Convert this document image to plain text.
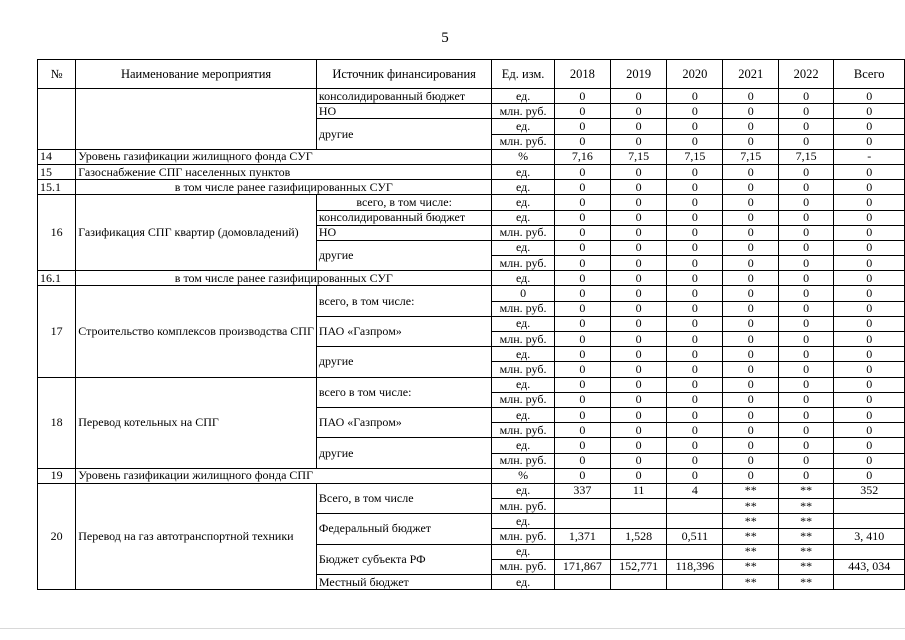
5
№	Наименование мероприятия	Источник финансирования	Ед. изм.	2018	2019	2020	2021	2022	Всего
		консолидированный бюджет	ед.	0	0	0	0	0	0
		НО	млн. руб.	0	0	0	0	0	0
		другие	ед.	0	0	0	0	0	0
			млн. руб.	0	0	0	0	0	0
14	Уровень газификации жилищного фонда СУГ		%	7,16	7,15	7,15	7,15	7,15	-
15	Газоснабжение СПГ населенных пунктов		ед.	0	0	0	0	0	0
15.1	в том числе ранее газифицированных СУГ		ед.	0	0	0	0	0	0
16	Газификация СПГ квартир (домовладений)	всего, в том числе:	ед.	0	0	0	0	0	0
		консолидированный бюджет	ед.	0	0	0	0	0	0
		НО	млн. руб.	0	0	0	0	0	0
		другие	ед.	0	0	0	0	0	0
			млн. руб.	0	0	0	0	0	0
16.1	в том числе ранее газифицированных СУГ		ед.	0	0	0	0	0	0
17	Строительство комплексов производства СПГ	всего, в том числе:	0	0	0	0	0	0	0
			млн. руб.	0	0	0	0	0	0
		ПАО «Газпром»	ед.	0	0	0	0	0	0
			млн. руб.	0	0	0	0	0	0
		другие	ед.	0	0	0	0	0	0
			млн. руб.	0	0	0	0	0	0
18	Перевод котельных на СПГ	всего в том числе:	ед.	0	0	0	0	0	0
			млн. руб.	0	0	0	0	0	0
		ПАО «Газпром»	ед.	0	0	0	0	0	0
			млн. руб.	0	0	0	0	0	0
		другие	ед.	0	0	0	0	0	0
			млн. руб.	0	0	0	0	0	0
19	Уровень газификации жилищного фонда СПГ		%	0	0	0	0	0	0
20	Перевод на газ автотранспортной техники	Всего, в том числе	ед.	337	11	4	**	**	352
			млн. руб.				**	**	
		Федеральный бюджет	ед.				**	**	
			млн. руб.	1,371	1,528	0,511	**	**	3, 410
		Бюджет субъекта РФ	ед.				**	**	
			млн. руб.	171,867	152,771	118,396	**	**	443, 034
		Местный бюджет	ед.				**	**	
